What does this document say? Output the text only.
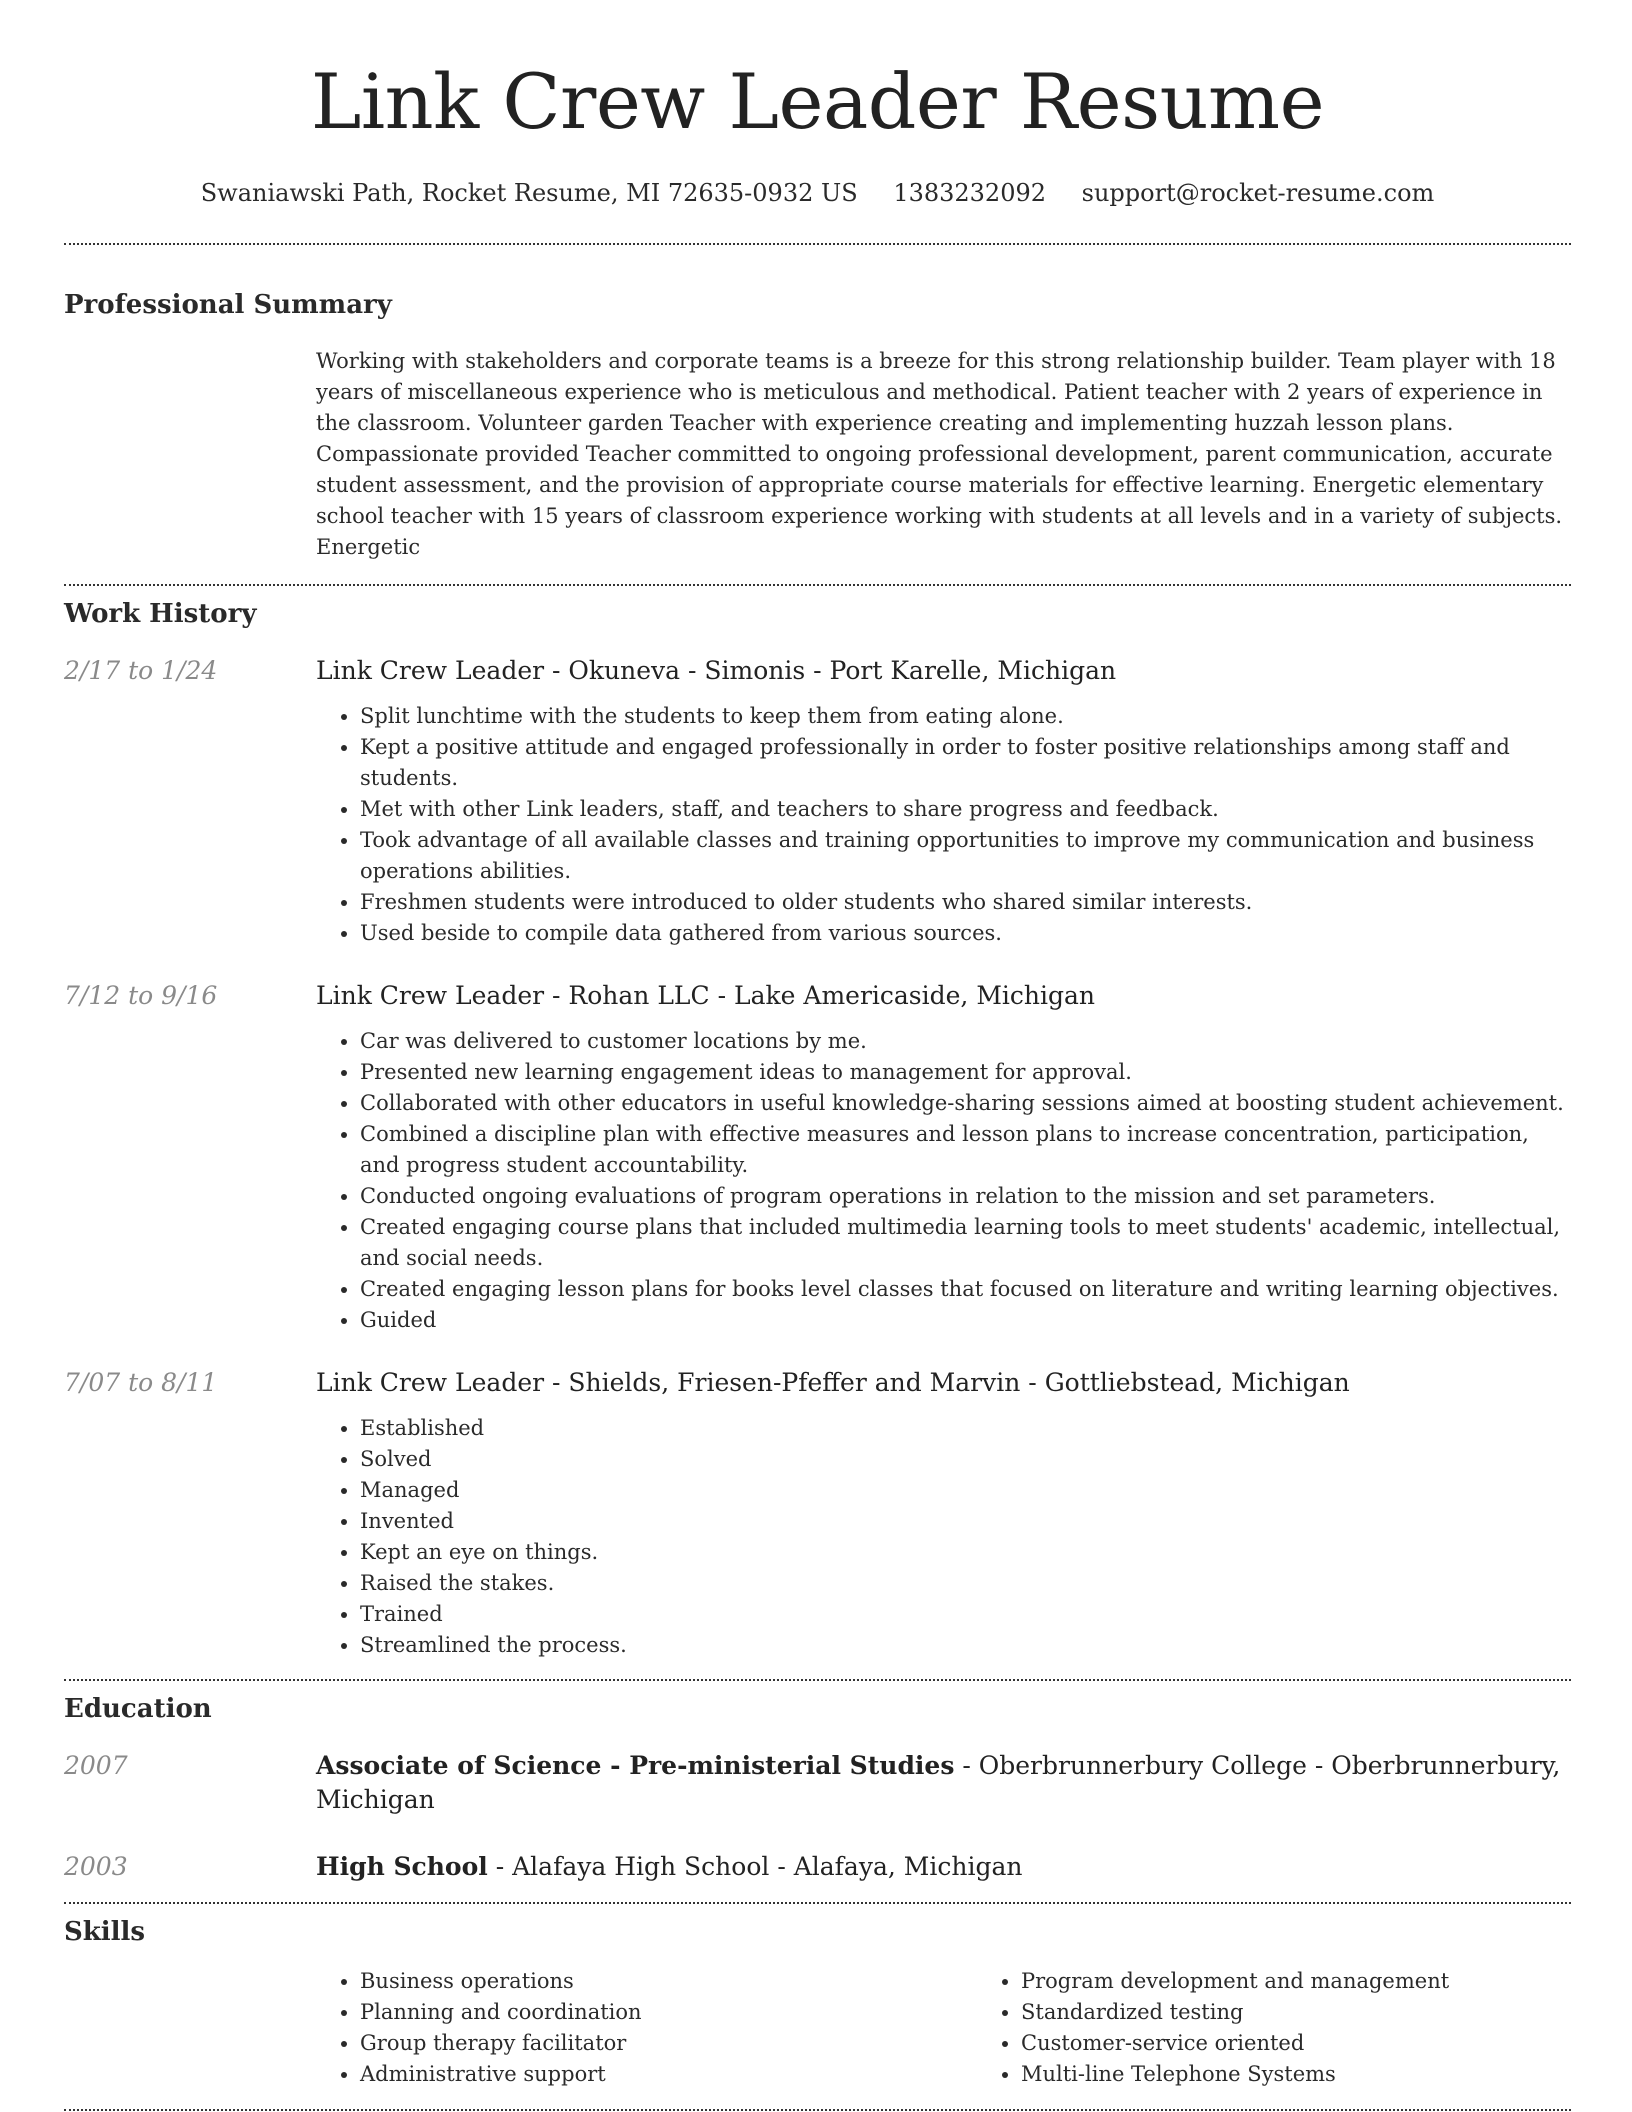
Link Crew Leader Resume
Swaniawski Path, Rocket Resume, MI 72635-0932 US 1383232092 support@rocket-resume.com
Professional Summary
Working with stakeholders and corporate teams is a breeze for this strong relationship builder. Team player with 18 years of miscellaneous experience who is meticulous and methodical. Patient teacher with 2 years of experience in the classroom. Volunteer garden Teacher with experience creating and implementing huzzah lesson plans. Compassionate provided Teacher committed to ongoing professional development, parent communication, accurate student assessment, and the provision of appropriate course materials for effective learning. Energetic elementary school teacher with 15 years of classroom experience working with students at all levels and in a variety of subjects. Energetic
Work History
2/17 to 1/24	Link Crew Leader - Okuneva - Simonis - Port Karelle, Michigan
• Split lunchtime with the students to keep them from eating alone.
• Kept a positive attitude and engaged professionally in order to foster positive relationships among staff and students.
• Met with other Link leaders, staff, and teachers to share progress and feedback.
• Took advantage of all available classes and training opportunities to improve my communication and business operations abilities.
• Freshmen students were introduced to older students who shared similar interests.
• Used beside to compile data gathered from various sources.
7/12 to 9/16	Link Crew Leader - Rohan LLC - Lake Americaside, Michigan
• Car was delivered to customer locations by me.
• Presented new learning engagement ideas to management for approval.
• Collaborated with other educators in useful knowledge-sharing sessions aimed at boosting student achievement.
• Combined a discipline plan with effective measures and lesson plans to increase concentration, participation, and progress student accountability.
• Conducted ongoing evaluations of program operations in relation to the mission and set parameters.
• Created engaging course plans that included multimedia learning tools to meet students' academic, intellectual, and social needs.
• Created engaging lesson plans for books level classes that focused on literature and writing learning objectives.
• Guided
7/07 to 8/11	Link Crew Leader - Shields, Friesen-Pfeffer and Marvin - Gottliebstead, Michigan
• Established
• Solved
• Managed
• Invented
• Kept an eye on things.
• Raised the stakes.
• Trained
• Streamlined the process.
Education
2007	Associate of Science - Pre-ministerial Studies - Oberbrunnerbury College - Oberbrunnerbury, Michigan
2003	High School - Alafaya High School - Alafaya, Michigan
Skills
• Business operations
• Planning and coordination
• Group therapy facilitator
• Administrative support
• Program development and management
• Standardized testing
• Customer-service oriented
• Multi-line Telephone Systems
